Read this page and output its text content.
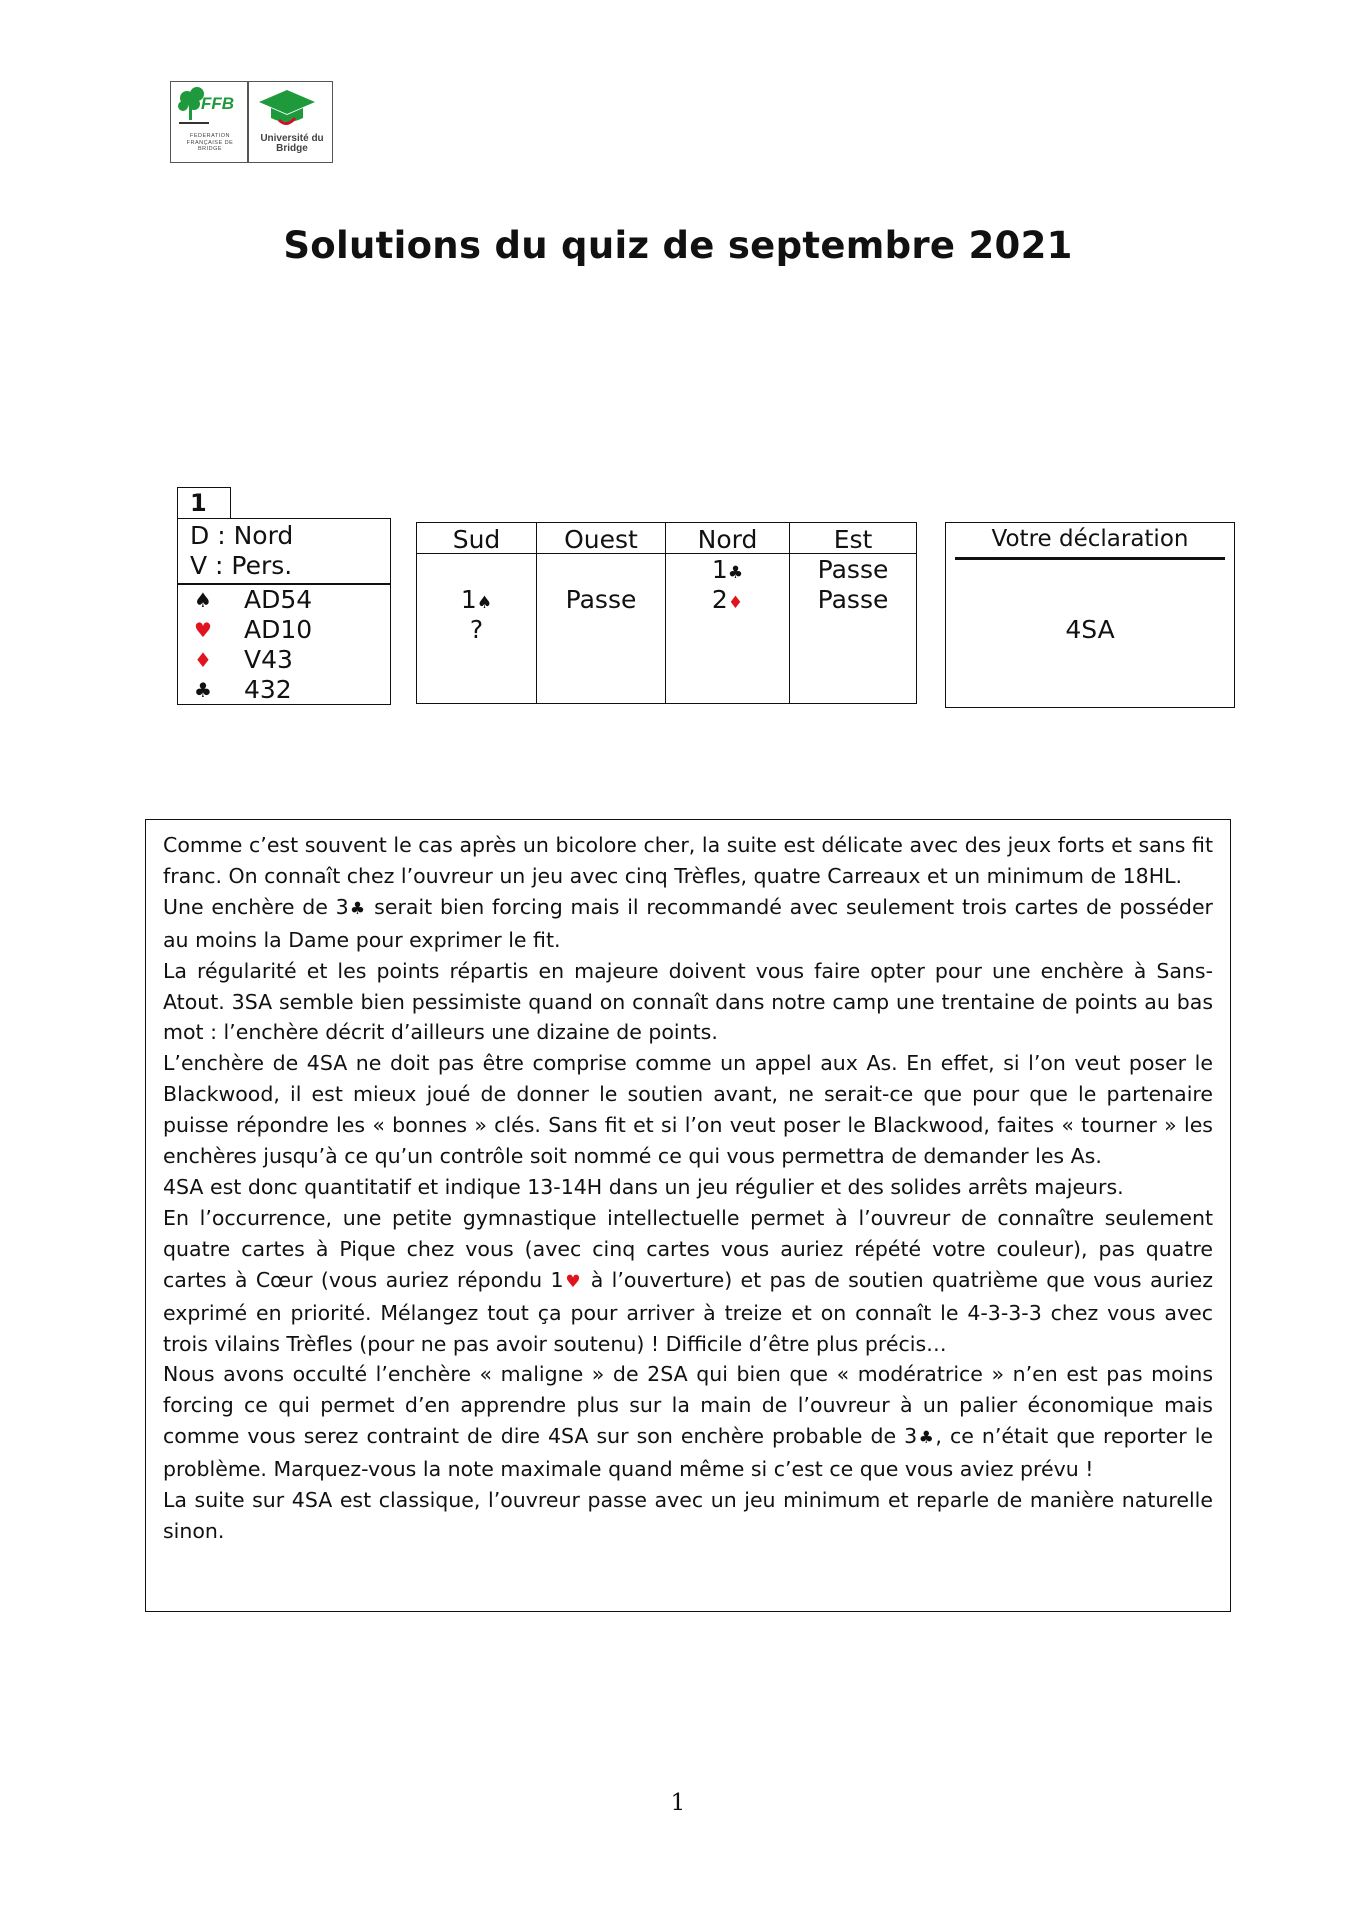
FFB
FEDERATION FRANÇAISE DE BRIDGE
Université du Bridge
Solutions du quiz de septembre 2021
1
D : Nord
V : Pers.
♠ AD54
♥ AD10
♦ V43
♣ 432
Sud
1♠
?
Ouest
Passe
Nord
1♣
2♦
Est
Passe
Passe
Votre déclaration
4SA

Comme c’est souvent le cas après un bicolore cher, la suite est délicate avec des jeux forts et sans fit franc. On connaît chez l’ouvreur un jeu avec cinq Trèfles, quatre Carreaux et un minimum de 18HL.

Une enchère de 3♣ serait bien forcing mais il recommandé avec seulement trois cartes de posséder au moins la Dame pour exprimer le fit.

La régularité et les points répartis en majeure doivent vous faire opter pour une enchère à Sans-Atout. 3SA semble bien pessimiste quand on connaît dans notre camp une trentaine de points au bas mot : l’enchère décrit d’ailleurs une dizaine de points.

L’enchère de 4SA ne doit pas être comprise comme un appel aux As. En effet, si l’on veut poser le Blackwood, il est mieux joué de donner le soutien avant, ne serait-ce que pour que le partenaire puisse répondre les « bonnes » clés. Sans fit et si l’on veut poser le Blackwood, faites « tourner » les enchères jusqu’à ce qu’un contrôle soit nommé ce qui vous permettra de demander les As.

4SA est donc quantitatif et indique 13-14H dans un jeu régulier et des solides arrêts majeurs.

En l’occurrence, une petite gymnastique intellectuelle permet à l’ouvreur de connaître seulement quatre cartes à Pique chez vous (avec cinq cartes vous auriez répété votre couleur), pas quatre cartes à Cœur (vous auriez répondu 1♥ à l’ouverture) et pas de soutien quatrième que vous auriez exprimé en priorité. Mélangez tout ça pour arriver à treize et on connaît le 4-3-3-3 chez vous avec trois vilains Trèfles (pour ne pas avoir soutenu) ! Difficile d’être plus précis…

Nous avons occulté l’enchère « maligne » de 2SA qui bien que « modératrice » n’en est pas moins forcing ce qui permet d’en apprendre plus sur la main de l’ouvreur à un palier économique mais comme vous serez contraint de dire 4SA sur son enchère probable de 3♣, ce n’était que reporter le problème. Marquez-vous la note maximale quand même si c’est ce que vous aviez prévu !

La suite sur 4SA est classique, l’ouvreur passe avec un jeu minimum et reparle de manière naturelle sinon.

1
